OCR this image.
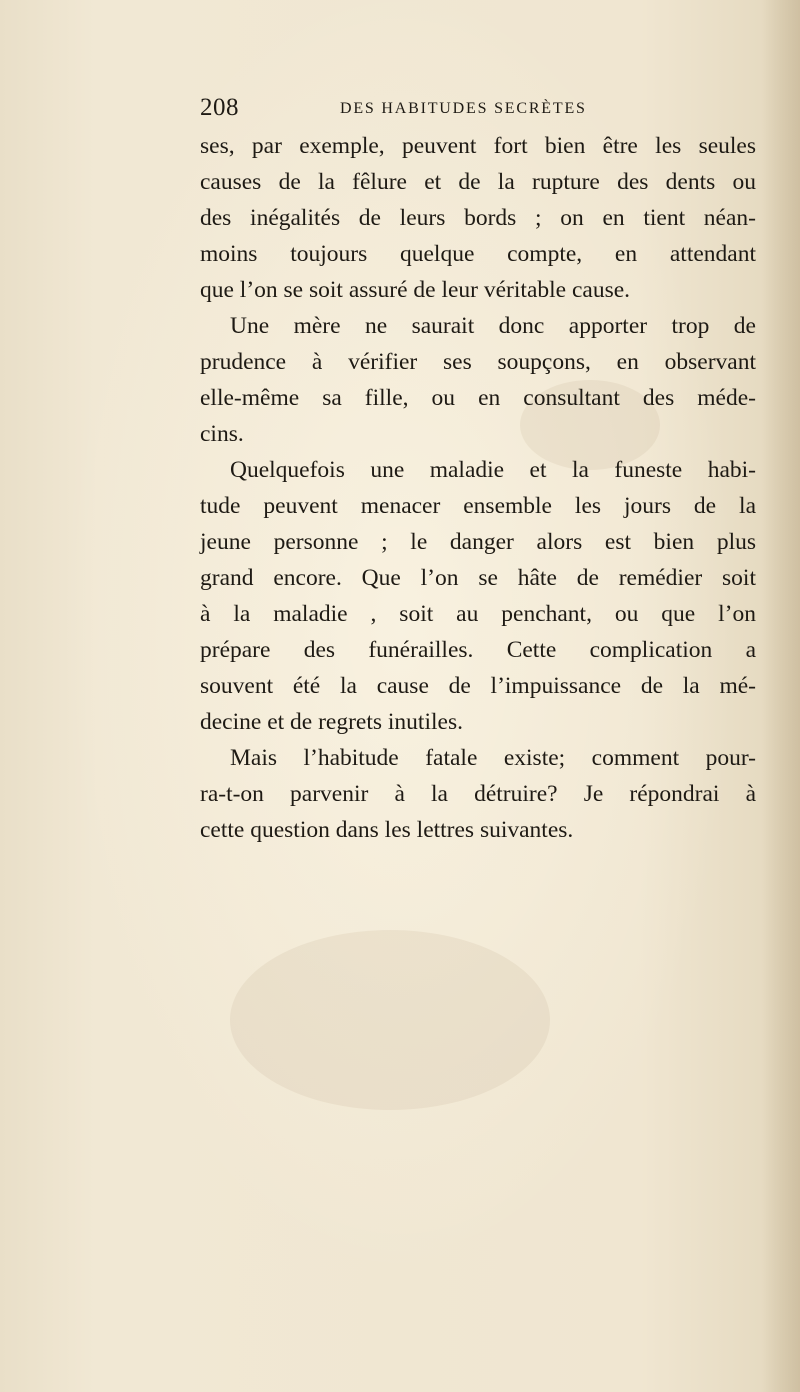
208	DES HABITUDES SECRÈTES
ses, par exemple, peuvent fort bien être les seules
causes de la fêlure et de la rupture des dents ou
des inégalités de leurs bords ; on en tient néan-
moins toujours quelque compte, en attendant
que l’on se soit assuré de leur véritable cause.
Une mère ne saurait donc apporter trop de
prudence à vérifier ses soupçons, en observant
elle-même sa fille, ou en consultant des méde-
cins.
Quelquefois une maladie et la funeste habi-
tude peuvent menacer ensemble les jours de la
jeune personne ; le danger alors est bien plus
grand encore. Que l’on se hâte de remédier soit
à la maladie , soit au penchant, ou que l’on
prépare des funérailles. Cette complication a
souvent été la cause de l’impuissance de la mé-
decine et de regrets inutiles.
Mais l’habitude fatale existe; comment pour-
ra-t-on parvenir à la détruire? Je répondrai à
cette question dans les lettres suivantes.
